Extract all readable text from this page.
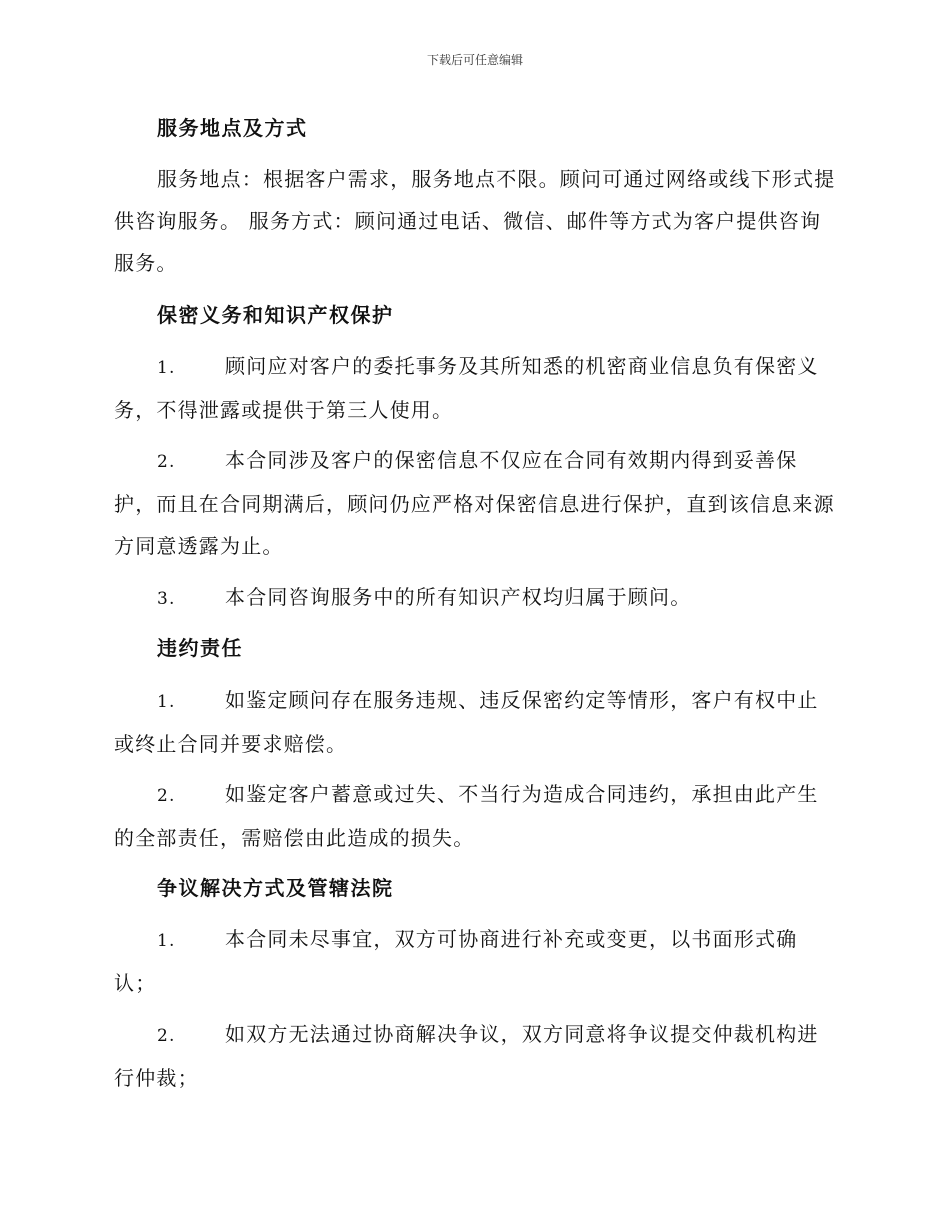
下载后可任意编辑
服务地点及方式
服务地点：根据客户需求，服务地点不限。顾问可通过网络或线下形式提供咨询服务。 服务方式：顾问通过电话、微信、邮件等方式为客户提供咨询服务。
保密义务和知识产权保护
1. 顾问应对客户的委托事务及其所知悉的机密商业信息负有保密义务，不得泄露或提供于第三人使用。
2. 本合同涉及客户的保密信息不仅应在合同有效期内得到妥善保护，而且在合同期满后，顾问仍应严格对保密信息进行保护，直到该信息来源方同意透露为止。
3. 本合同咨询服务中的所有知识产权均归属于顾问。
违约责任
1. 如鉴定顾问存在服务违规、违反保密约定等情形，客户有权中止或终止合同并要求赔偿。
2. 如鉴定客户蓄意或过失、不当行为造成合同违约，承担由此产生的全部责任，需赔偿由此造成的损失。
争议解决方式及管辖法院
1. 本合同未尽事宜，双方可协商进行补充或变更，以书面形式确认；
2. 如双方无法通过协商解决争议，双方同意将争议提交仲裁机构进行仲裁；
